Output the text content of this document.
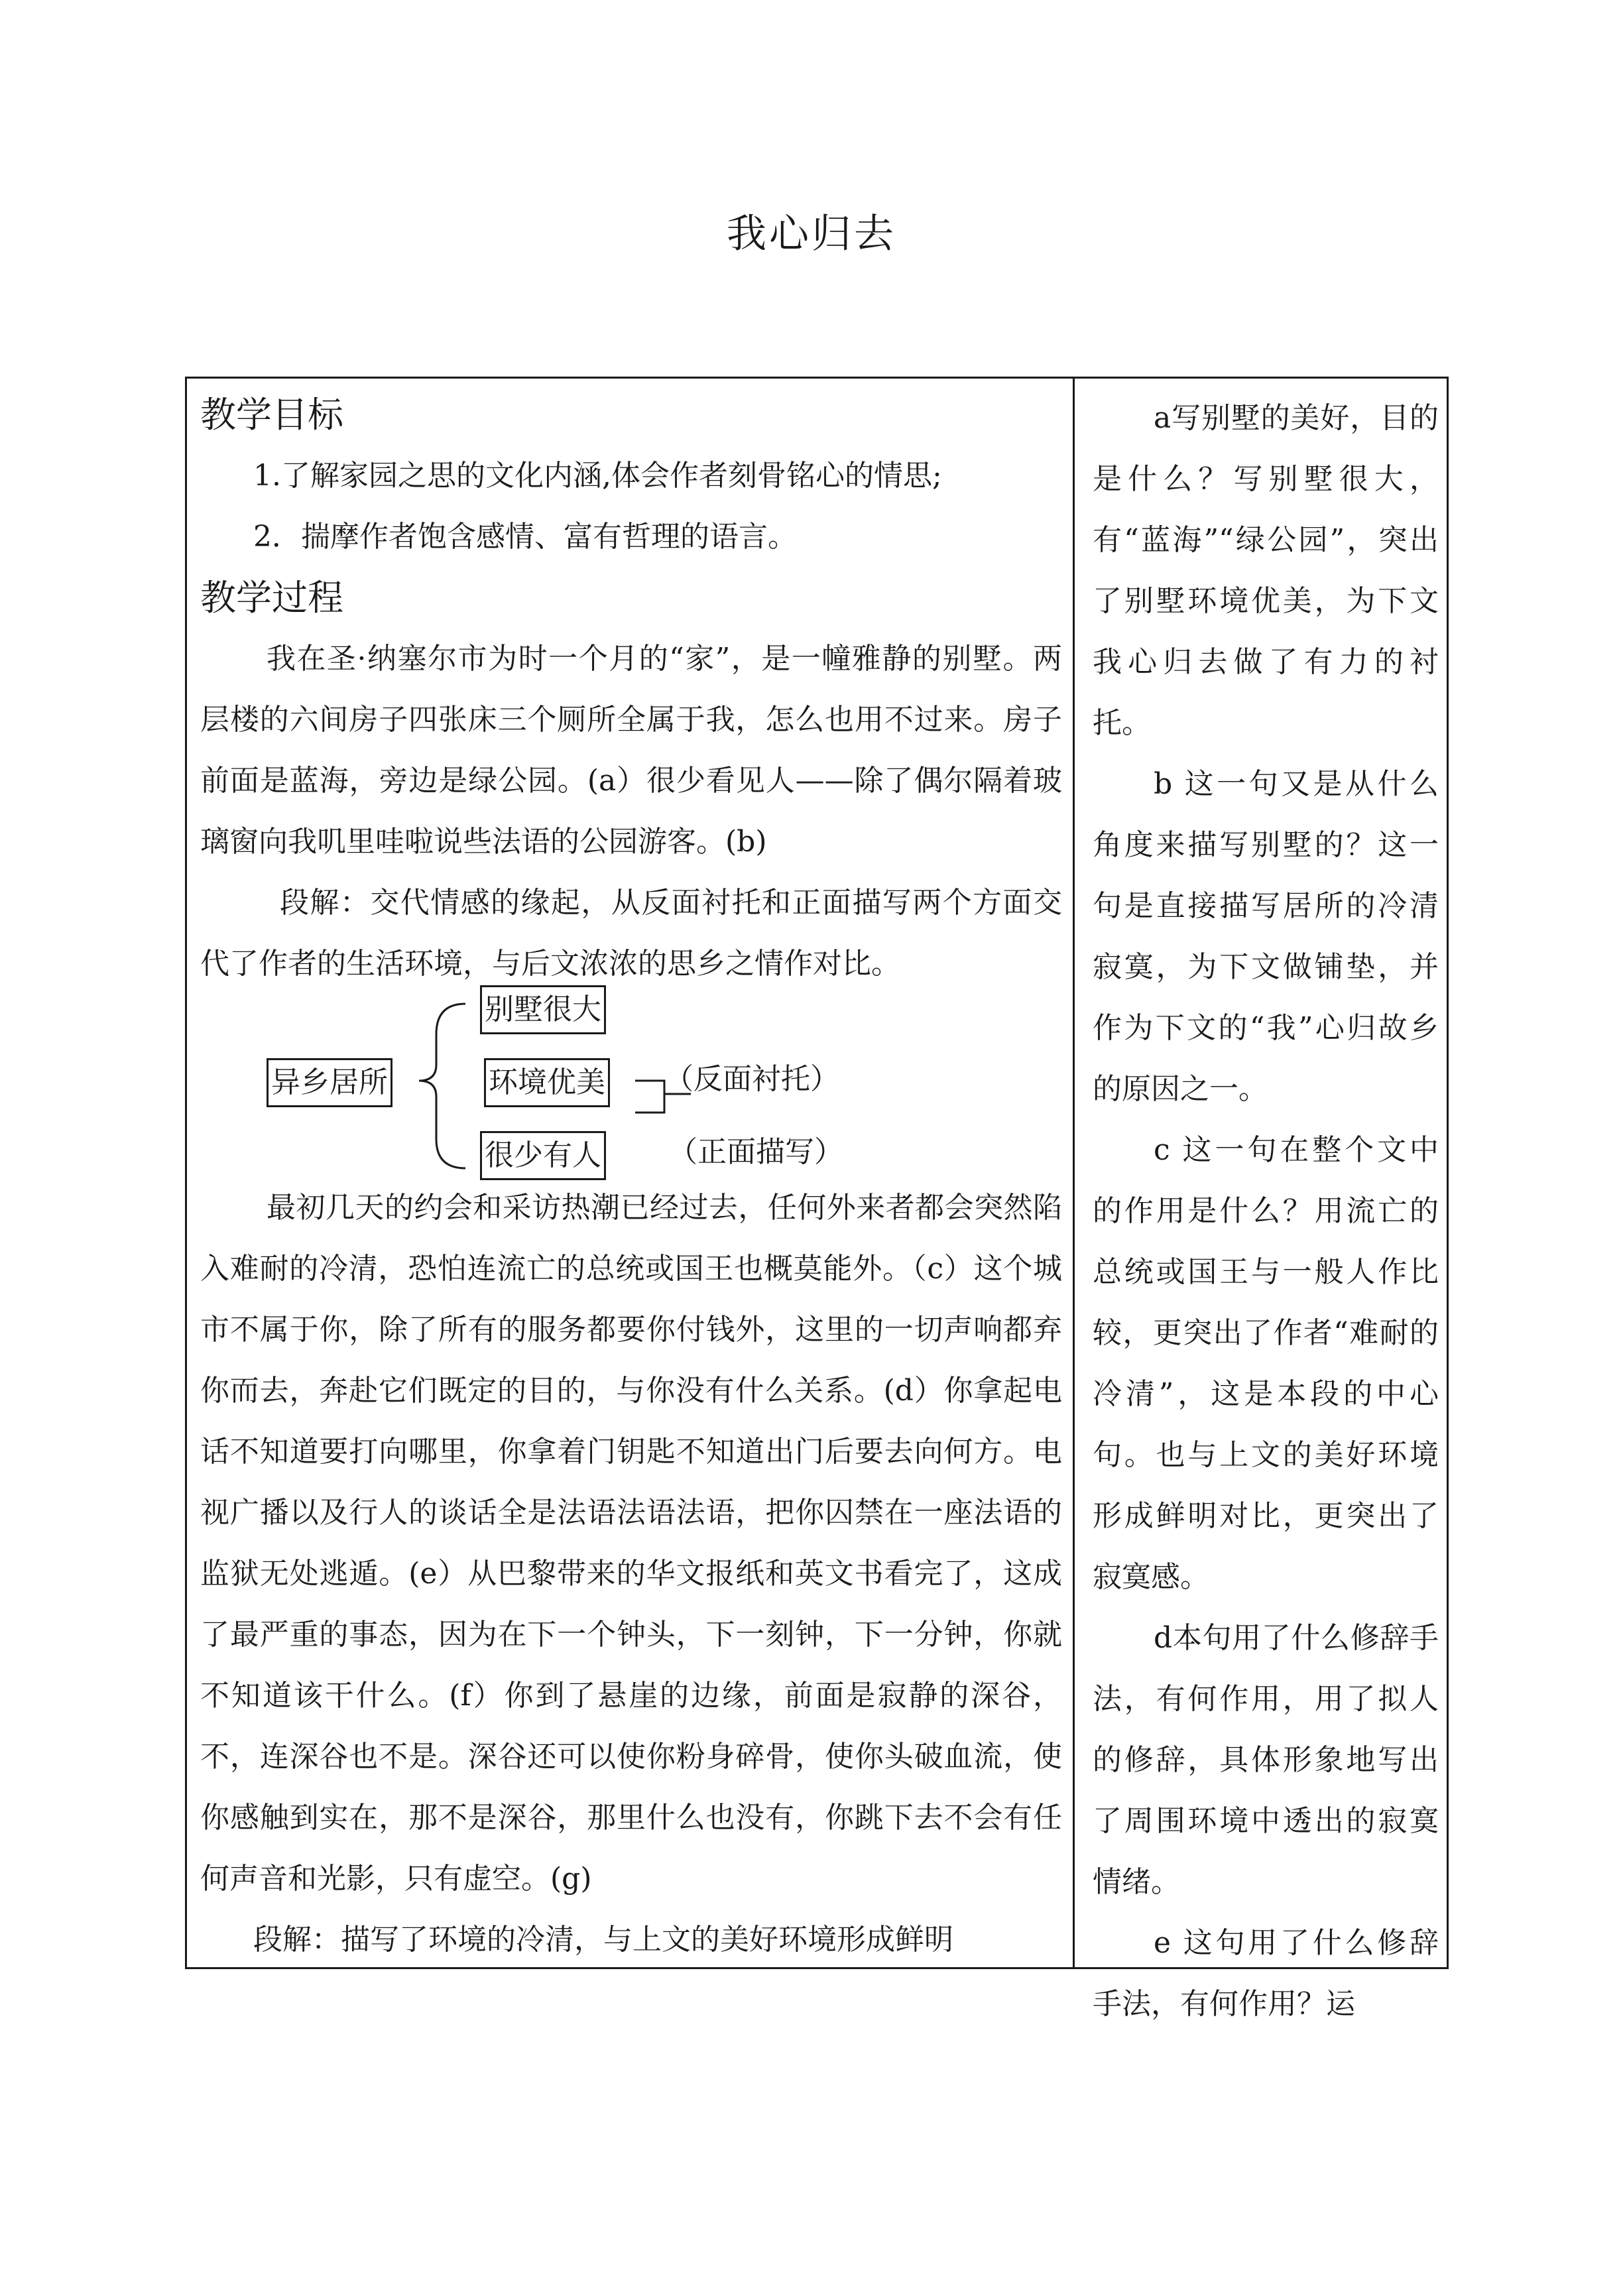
我心归去
教学目标

1.了解家园之思的文化内涵,体会作者刻骨铭心的情思;

2．揣摩作者饱含感情、富有哲理的语言。

教学过程

我在圣·纳塞尔市为时一个月的“家”，是一幢雅静的别墅。两层楼的六间房子四张床三个厕所全属于我，怎么也用不过来。房子前面是蓝海，旁边是绿公园。(a）很少看见人——除了偶尔隔着玻璃窗向我叽里哇啦说些法语的公园游客。(b)

段解：交代情感的缘起，从反面衬托和正面描写两个方面交代了作者的生活环境，与后文浓浓的思乡之情作对比。

异乡居所
别墅很大
环境优美
很少有人
（反面衬托）
（正面描写）

最初几天的约会和采访热潮已经过去，任何外来者都会突然陷入难耐的冷清，恐怕连流亡的总统或国王也概莫能外。（c）这个城市不属于你，除了所有的服务都要你付钱外，这里的一切声响都弃你而去，奔赴它们既定的目的，与你没有什么关系。(d）你拿起电话不知道要打向哪里，你拿着门钥匙不知道出门后要去向何方。电视广播以及行人的谈话全是法语法语法语，把你囚禁在一座法语的监狱无处逃遁。(e）从巴黎带来的华文报纸和英文书看完了，这成了最严重的事态，因为在下一个钟头，下一刻钟，下一分钟，你就不知道该干什么。(f）你到了悬崖的边缘，前面是寂静的深谷，不，连深谷也不是。深谷还可以使你粉身碎骨，使你头破血流，使你感触到实在，那不是深谷，那里什么也没有，你跳下去不会有任何声音和光影，只有虚空。(g)

段解：描写了环境的冷清，与上文的美好环境形成鲜明

a写别墅的美好，目的是什么？写别墅很大，有“蓝海”“绿公园”，突出了别墅环境优美，为下文我心归去做了有力的衬托。

b 这一句又是从什么角度来描写别墅的？这一句是直接描写居所的冷清寂寞，为下文做铺垫，并作为下文的“我”心归故乡的原因之一。

c 这一句在整个文中的作用是什么？用流亡的总统或国王与一般人作比较，更突出了作者“难耐的冷清”，这是本段的中心句。也与上文的美好环境形成鲜明对比，更突出了寂寞感。

d本句用了什么修辞手法，有何作用，用了拟人的修辞，具体形象地写出了周围环境中透出的寂寞情绪。

e 这句用了什么修辞手法，有何作用？运
